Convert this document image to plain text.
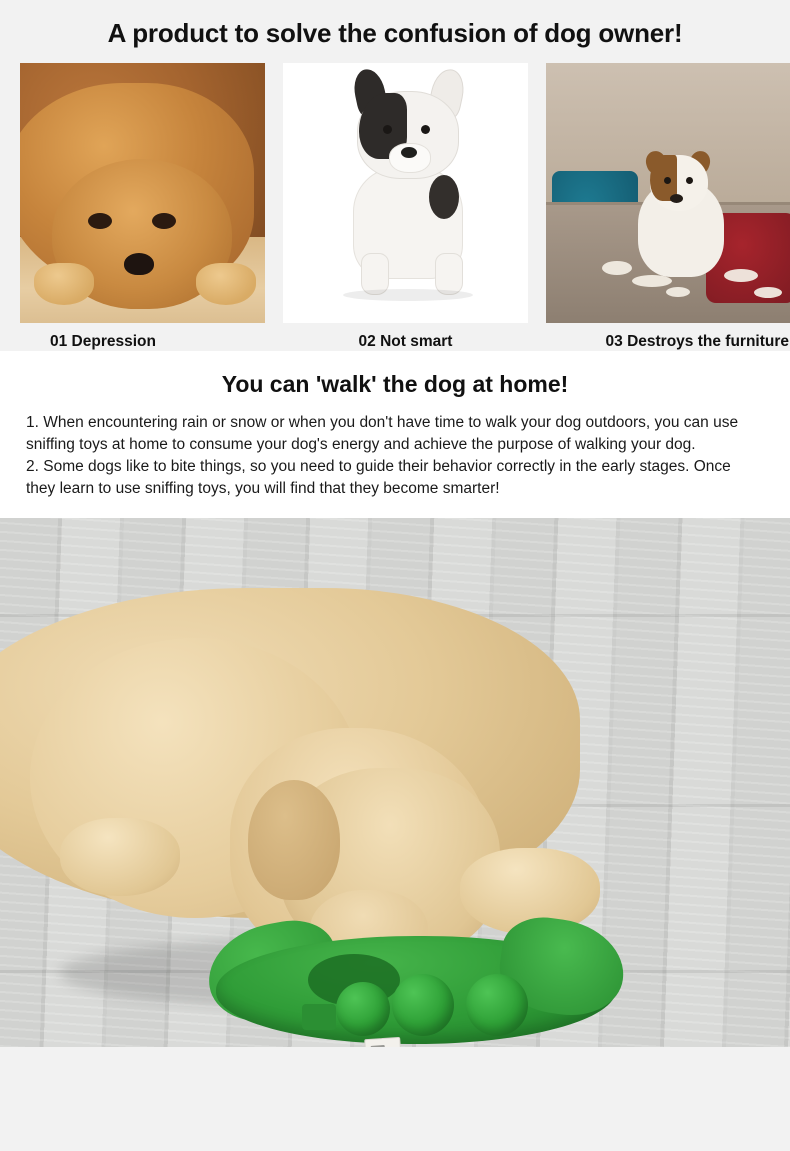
A product to solve the confusion of dog owner!
01 Depression	02 Not smart	03 Destroys the furniture
You can 'walk' the dog at home!

1. When encountering rain or snow or when you don't have time to walk your dog outdoors, you can use sniffing toys at home to consume your dog's energy and achieve the purpose of walking your dog.

2. Some dogs like to bite things, so you need to guide their behavior correctly in the early stages. Once they learn to use sniffing toys, you will find that they become smarter!
